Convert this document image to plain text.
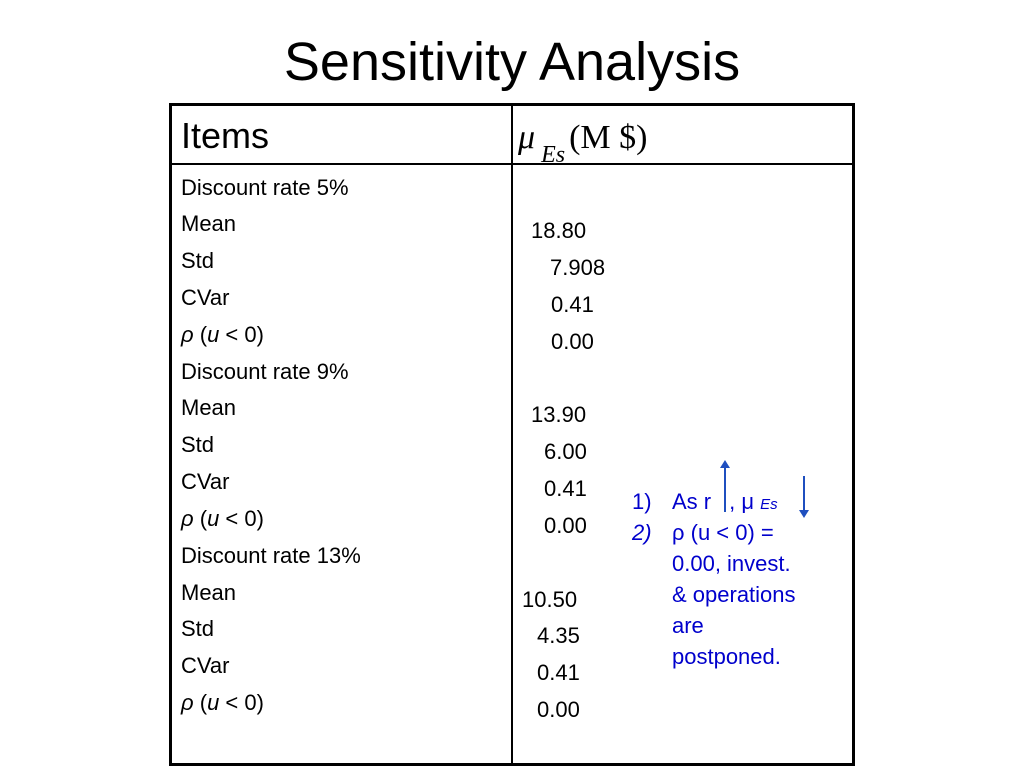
Sensitivity Analysis
Items	μ $_{Es}$ (M $)
Discount rate 5%
Mean
Std
CVar
ρ (u < 0)
Discount rate 9%
Mean
Std
CVar
ρ (u < 0)
Discount rate 13%
Mean
Std
CVar
ρ (u < 0)
18.80
7.908
0.41
0.00
13.90
6.00
0.41
0.00
10.50
4.35
0.41
0.00
1) As r , μ Es
2) ρ (u < 0) =
0.00, invest.
& operations
are
postponed.
